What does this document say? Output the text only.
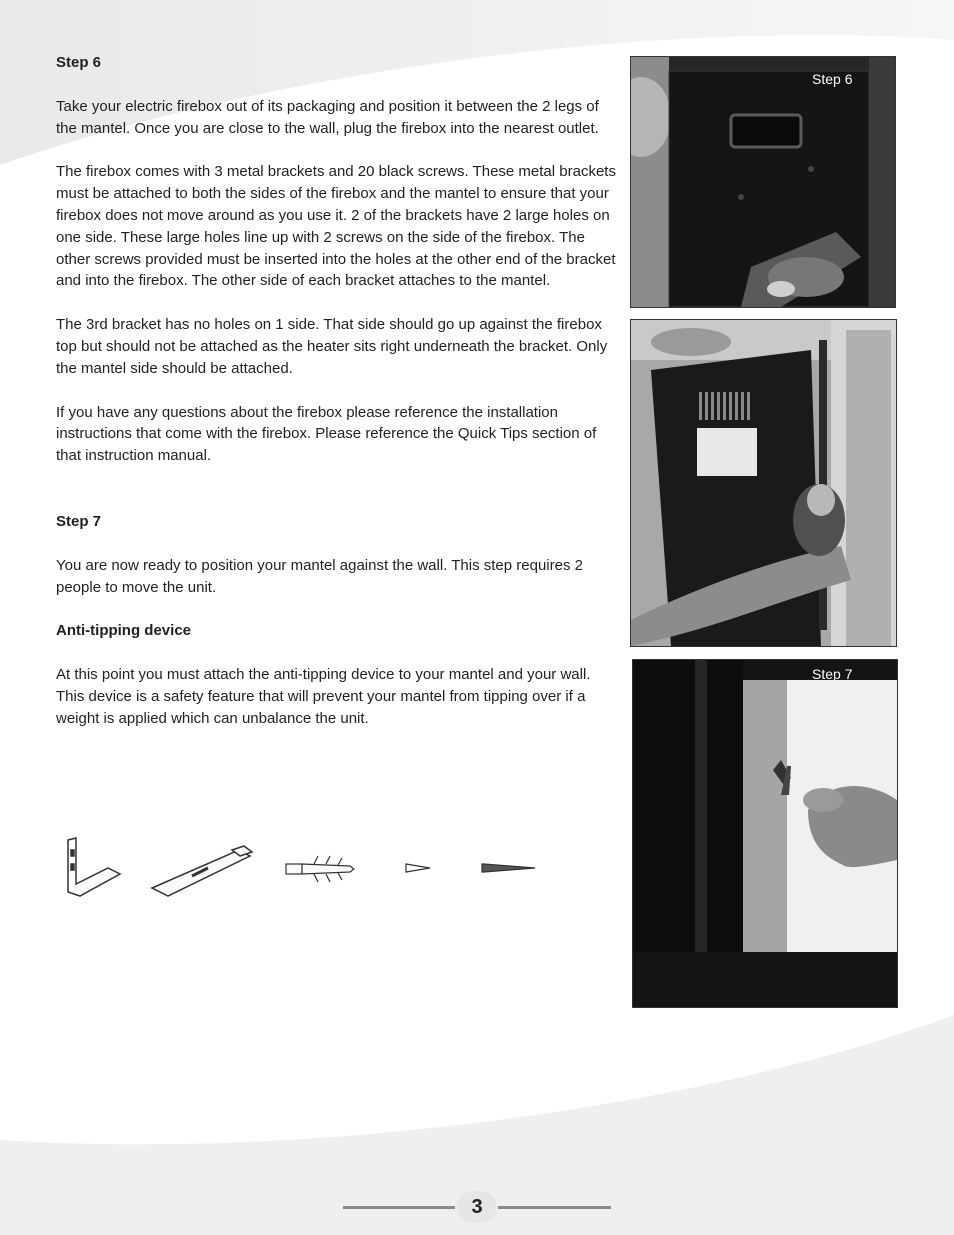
Step 6

Take your electric firebox out of its packaging and position it between the 2 legs of the mantel. Once you are close to the wall, plug the firebox into the nearest outlet.

The firebox comes with 3 metal brackets and 20 black screws. These metal brackets must be attached to both the sides of the firebox and the mantel to ensure that your firebox does not move around as you use it. 2 of the brackets have 2 large holes on one side. These large holes line up with 2 screws on the side of the firebox. The other screws provided must be inserted into the holes at the other end of the bracket and into the firebox. The other side of each bracket attaches to the mantel.

The 3rd bracket has no holes on 1 side. That side should go up against the firebox top but should not be attached as the heater sits right underneath the bracket. Only the mantel side should be attached.

If you have any questions about the firebox please reference the installation instructions that come with the firebox. Please reference the Quick Tips section of that instruction manual.

Step 7

You are now ready to position your mantel against the wall. This step requires 2 people to move the unit.

Anti-tipping device

At this point you must attach the anti-tipping device to your mantel and your wall. This device is a safety feature that will prevent your mantel from tipping over if a weight is applied which can unbalance the unit.

Step 6
Step 7
3
